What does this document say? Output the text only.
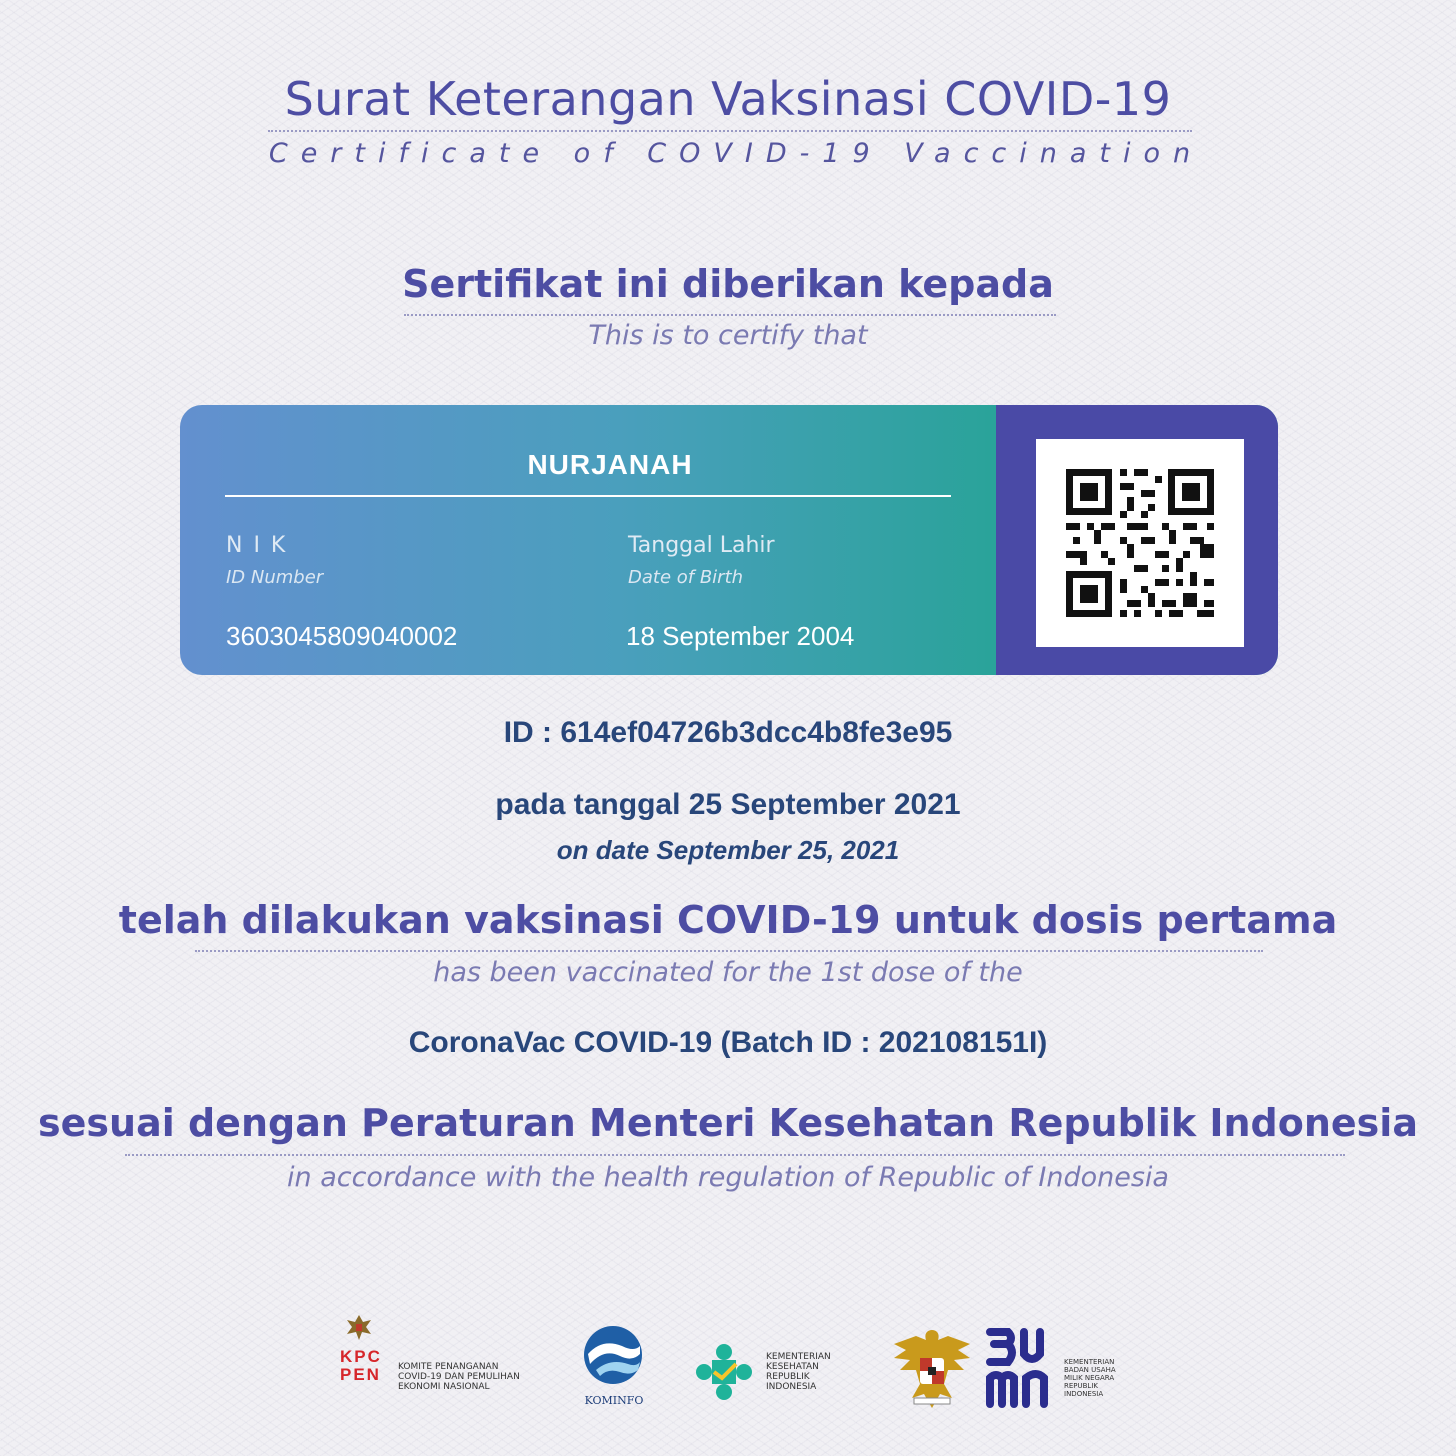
Surat Keterangan Vaksinasi COVID-19
Certificate of COVID-19 Vaccination
Sertifikat ini diberikan kepada
This is to certify that
NURJANAH
N I K
ID Number
3603045809040002
Tanggal Lahir
Date of Birth
18 September 2004
ID : 614ef04726b3dcc4b8fe3e95
pada tanggal 25 September 2021
on date September 25, 2021
telah dilakukan vaksinasi COVID-19 untuk dosis pertama
has been vaccinated for the 1st dose of the
CoronaVac COVID-19 (Batch ID : 202108151I)
sesuai dengan Peraturan Menteri Kesehatan Republik Indonesia
in accordance with the health regulation of Republic of Indonesia
KPC
PEN KOMITE PENANGANAN
COVID-19 DAN PEMULIHAN
EKONOMI NASIONAL
KOMINFO
KEMENTERIAN
KESEHATAN
REPUBLIK
INDONESIA
KEMENTERIAN
BADAN USAHA
MILIK NEGARA
REPUBLIK
INDONESIA
